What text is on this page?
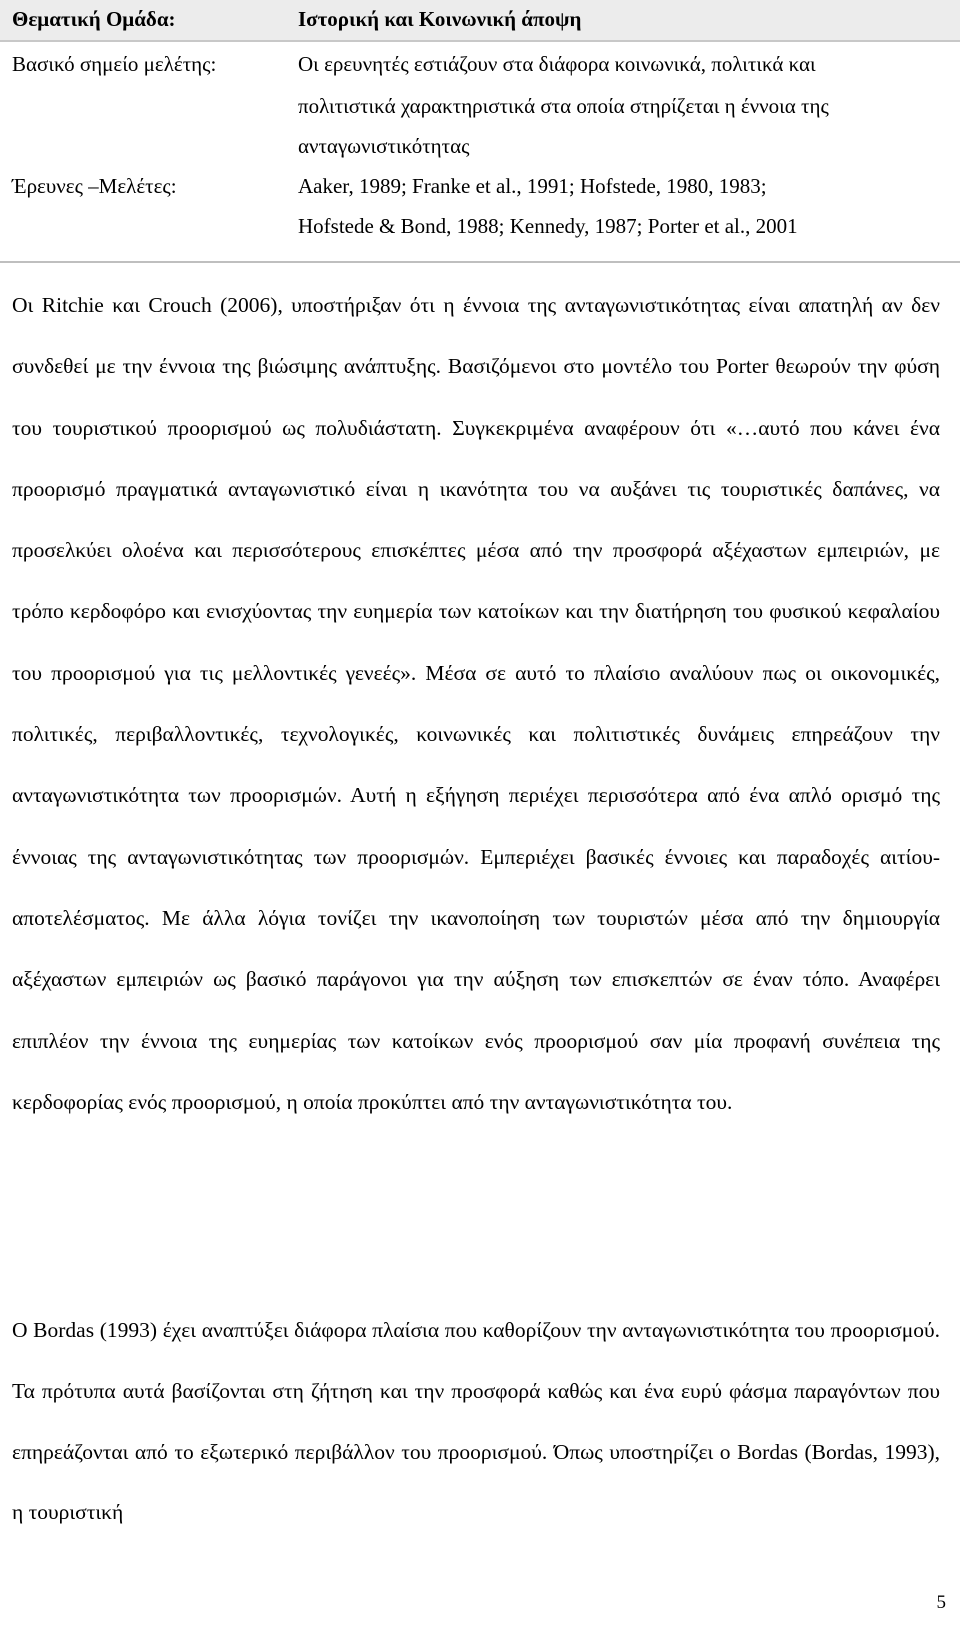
Θεματική Ομάδα:	Ιστορική και Κοινωνική άποψη
Βασικό σημείο μελέτης:	Οι ερευνητές εστιάζουν στα διάφορα κοινωνικά, πολιτικά και
πολιτιστικά χαρακτηριστικά στα οποία στηρίζεται η έννοια της
ανταγωνιστικότητας
Έρευνες –Μελέτες:	Aaker, 1989; Franke et al., 1991; Hofstede, 1980, 1983;
Hofstede & Bond, 1988; Kennedy, 1987; Porter et al., 2001

Οι Ritchie και Crouch (2006), υποστήριξαν ότι η έννοια της ανταγωνιστικότητας είναι απατηλή αν δεν συνδεθεί με την έννοια της βιώσιμης ανάπτυξης. Βασιζόμενοι στο μοντέλο του Porter θεωρούν την φύση του τουριστικού προορισμού ως πολυδιάστατη. Συγκεκριμένα αναφέρουν ότι «…αυτό που κάνει ένα προορισμό πραγματικά ανταγωνιστικό είναι η ικανότητα του να αυξάνει τις τουριστικές δαπάνες, να προσελκύει ολοένα και περισσότερους επισκέπτες μέσα από την προσφορά αξέχαστων εμπειριών, με τρόπο κερδοφόρο και ενισχύοντας την ευημερία των κατοίκων και την διατήρηση του φυσικού κεφαλαίου του προορισμού για τις μελλοντικές γενεές». Μέσα σε αυτό το πλαίσιο αναλύουν πως οι οικονομικές, πολιτικές, περιβαλλοντικές, τεχνολογικές, κοινωνικές και πολιτιστικές δυνάμεις επηρεάζουν την ανταγωνιστικότητα των προορισμών. Αυτή η εξήγηση περιέχει περισσότερα από ένα απλό ορισμό της έννοιας της ανταγωνιστικότητας των προορισμών. Εμπεριέχει βασικές έννοιες και παραδοχές αιτίου-αποτελέσματος. Με άλλα λόγια τονίζει την ικανοποίηση των τουριστών μέσα από την δημιουργία αξέχαστων εμπειριών ως βασικό παράγονοι για την αύξηση των επισκεπτών σε έναν τόπο. Αναφέρει επιπλέον την έννοια της ευημερίας των κατοίκων ενός προορισμού σαν μία προφανή συνέπεια της κερδοφορίας ενός προορισμού, η οποία προκύπτει από την ανταγωνιστικότητα του.

Ο Bordas (1993) έχει αναπτύξει διάφορα πλαίσια που καθορίζουν την ανταγωνιστικότητα του προορισμού. Τα πρότυπα αυτά βασίζονται στη ζήτηση και την προσφορά καθώς και ένα ευρύ φάσμα παραγόντων που επηρεάζονται από το εξωτερικό περιβάλλον του προορισμού. Όπως υποστηρίζει ο Bordas (Bordas, 1993), η τουριστική

5
